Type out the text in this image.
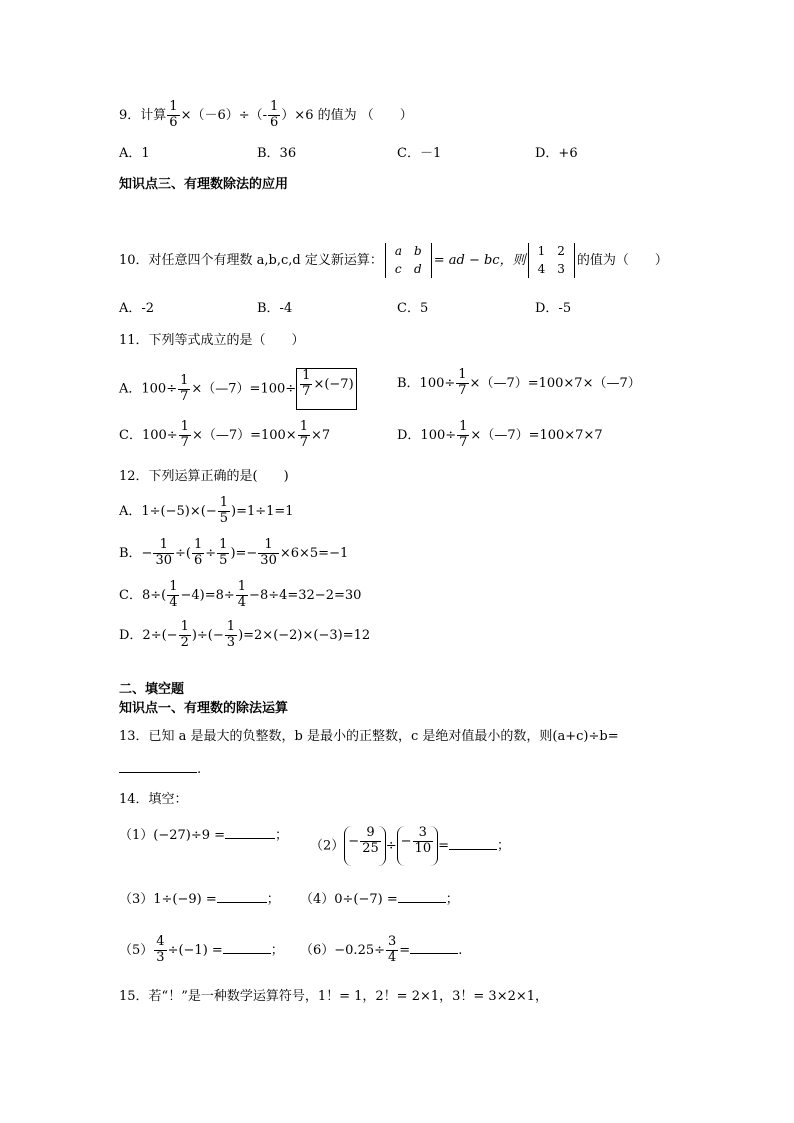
9．计算 $\frac{1}{6} \times(-6)\div(- \frac{1}{6} )\times 6$ 的值为 （　　）
A．1	B．36	C．－1	D．+6
知识点三、有理数除法的应用
10．对任意四个有理数 a,b,c,d 定义新运算：
a	b
c	d
= ad − bc，则
1	2
4	3
的值为（　　）
A．-2	B．-4	C．5	D．-5
11．下列等式成立的是（　　）
A．$100\div \frac{1}{7}$ ×（—7）=100÷ $\frac{1}{7} \times(-7)$	B．$100\div \frac{1}{7}$ ×（—7）=100×7×（—7）
C．$100\div \frac{1}{7}$ ×（—7）=100× $\frac{1}{7} \times 7$	D．$100\div \frac{1}{7}$ ×（—7）=100×7×7
12．下列运算正确的是(　　)
A．$1\div(-5)\times(- \frac{1}{5} )=1\div 1=1$
B．− $\frac{1}{30}$ ÷( $\frac{1}{6} \div \frac{1}{5}$ )=− $\frac{1}{30} \times 6\times 5=-1$
C．$8\div( \frac{1}{4} -4)=8\div \frac{1}{4} -8\div 4=32-2=30$
D．$2\div(- \frac{1}{2}$ )÷(− $\frac{1}{3} )=2\times(-2)\times(-3)=12$
二、填空题
知识点一、有理数的除法运算
13．已知 a 是最大的负整数，b 是最小的正整数，c 是绝对值最小的数，则(a+c)÷b=
.
14．填空：
（1）(−27)÷9 =	；
$(2) - \frac{9}{25}$ ÷ − $\frac{3}{10}$ =	；
（3）1÷(−9) =	； （4）0÷(−7) =	；
$(5) \frac{4}{3} \div(-1)$ =	； $(6)-0.25\div \frac{3}{4}$ =	.
15．若“！”是一种数学运算符号，1！= 1，2！= 2×1，3！= 3×2×1，
